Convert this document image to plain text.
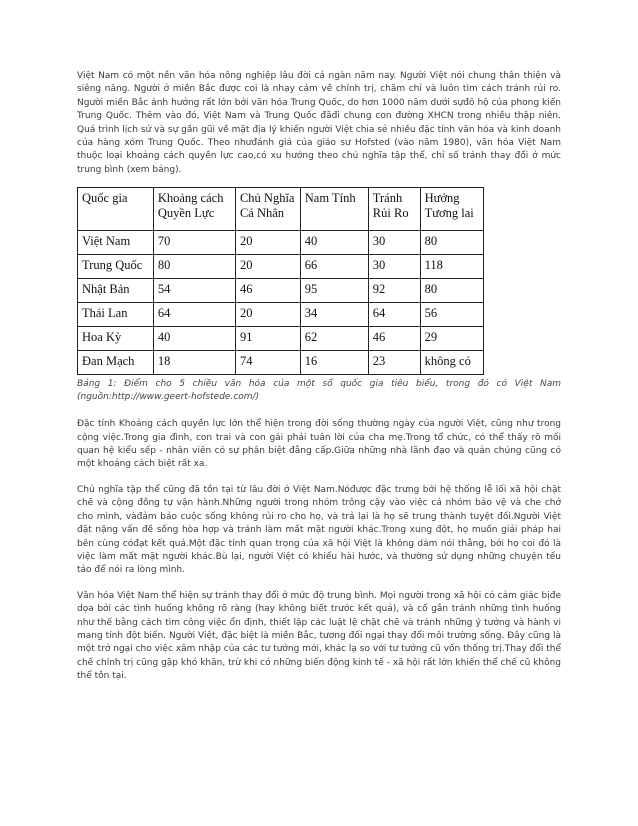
Việt Nam có một nền văn hóa nông nghiệp lâu đời cả ngàn năm nay. Người Việt nói chung thân thiện và siêng năng. Người ở miền Bắc được coi là nhạy cảm về chính trị, chăm chỉ và luôn tìm cách tránh rủi ro. Người miền Bắc ảnh hưởng rất lớn bởi văn hóa Trung Quốc, do hơn 1000 năm dưới sựđô hộ của phong kiến Trung Quốc. Thêm vào đó, Việt Nam và Trung Quốc đãđi chung con đường XHCN trong nhiều thập niên. Quá trình lịch sử và sự gần gũi về mặt địa lý khiến người Việt chia sẻ nhiều đặc tính văn hóa và kinh doanh của hàng xóm Trung Quốc. Theo nhưđánh giá của giáo sư Hofsted (vào năm 1980), văn hóa Việt Nam thuộc loại khoảng cách quyền lực cao,có xu hướng theo chủ nghĩa tập thể, chỉ số tránh thay đổi ở mức trung bình (xem bảng).

Quốc gia	Khoảng cách Quyền Lực	Chủ Nghĩa Cá Nhân	Nam Tính	Tránh Rủi Ro	Hướng Tương lai
Việt Nam	70	20	40	30	80
Trung Quốc	80	20	66	30	118
Nhật Bản	54	46	95	92	80
Thái Lan	64	20	34	64	56
Hoa Kỳ	40	91	62	46	29
Đan Mạch	18	74	16	23	không có

Bảng 1: Điểm cho 5 chiều văn hóa của một số quốc gia tiêu biểu, trong đó có Việt Nam (nguồn:http://www.geert-hofstede.com/)

Đặc tính Khoảng cách quyền lực lớn thể hiện trong đời sống thường ngày của người Việt, cũng như trong cộng việc.Trong gia đình, con trai và con gái phải tuân lời của cha mẹ.Trong tổ chức, có thể thấy rõ mối quan hệ kiểu sếp - nhân viên có sự phân biệt đẳng cấp.Giữa những nhà lãnh đạo và quản chúng cũng có một khoảng cách biệt rất xa.

Chủ nghĩa tập thể cũng đã tồn tại từ lâu đời ở Việt Nam.Nóđược đặc trưng bởi hệ thống lễ lối xã hội chặt chẽ và cộng đồng tự vận hành.Những người trong nhóm trông cậy vào việc cả nhóm bảo vệ và che chở cho mình, vàđảm bảo cuộc sống không rủi ro cho họ, và trả lại là họ sẽ trung thành tuyệt đối.Người Việt đặt nặng vấn đề sống hòa hợp và tránh làm mất mặt người khác.Trong xung đột, họ muốn giải pháp hai bên cùng cóđạt kết quả.Một đặc tính quan trọng của xã hội Việt là không dám nói thẳng, bởi họ coi đó là việc làm mất mặt người khác.Bù lại, người Việt có khiếu hài hước, và thường sử dụng những chuyện tếu tảo để nói ra lòng mình.

Văn hóa Việt Nam thể hiện sự tránh thay đổi ở mức độ trung bình. Mọi người trong xã hội có cảm giác bịđe dọa bởi các tình huống không rõ ràng (hay không biết trước kết quả), và cố gắn tránh những tình huống như thế bằng cách tìm công việc ổn định, thiết lập các luật lệ chặt chẽ và tránh những ý tưởng và hành vi mang tính đột biến. Người Việt, đặc biệt là miền Bắc, tương đối ngại thay đổi môi trường sống. Đây cũng là một trở ngại cho việc xâm nhập của các tư tưởng mới, khác lạ so với tư tưởng cũ vốn thống trị.Thay đổi thể chế chính trị cũng gặp khó khăn, trừ khi có những biến động kinh tế - xã hội rất lớn khiến thể chế cũ không thể tồn tại.
